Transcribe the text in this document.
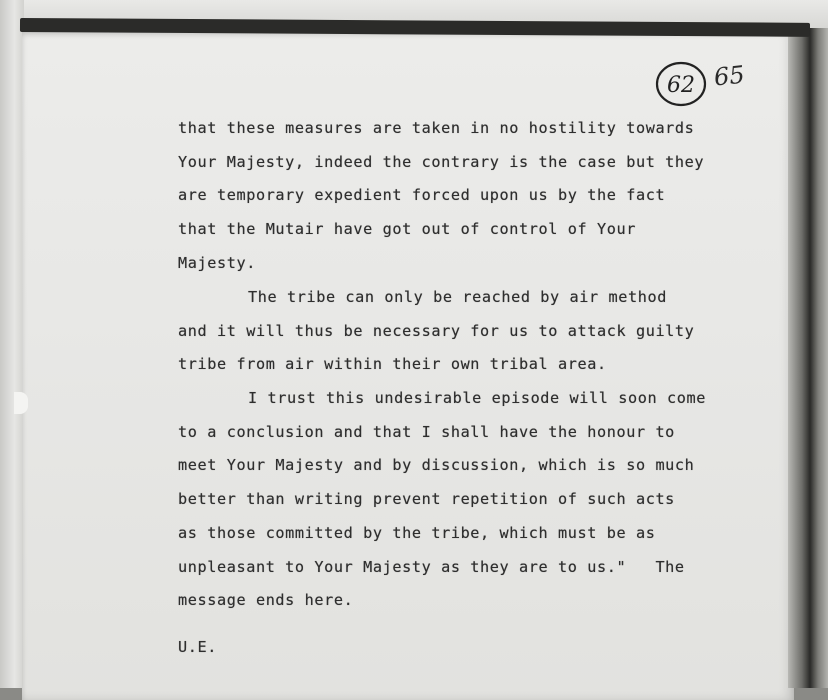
62 65
that these measures are taken in no hostility towards
Your Majesty, indeed the contrary is the case but they
are temporary expedient forced upon us by the fact
that the Mutair have got out of control of Your
Majesty.
The tribe can only be reached by air method
and it will thus be necessary for us to attack guilty
tribe from air within their own tribal area.
I trust this undesirable episode will soon come
to a conclusion and that I shall have the honour to
meet Your Majesty and by discussion, which is so much
better than writing prevent repetition of such acts
as those committed by the tribe, which must be as
unpleasant to Your Majesty as they are to us."   The
message ends here.
U.E.
